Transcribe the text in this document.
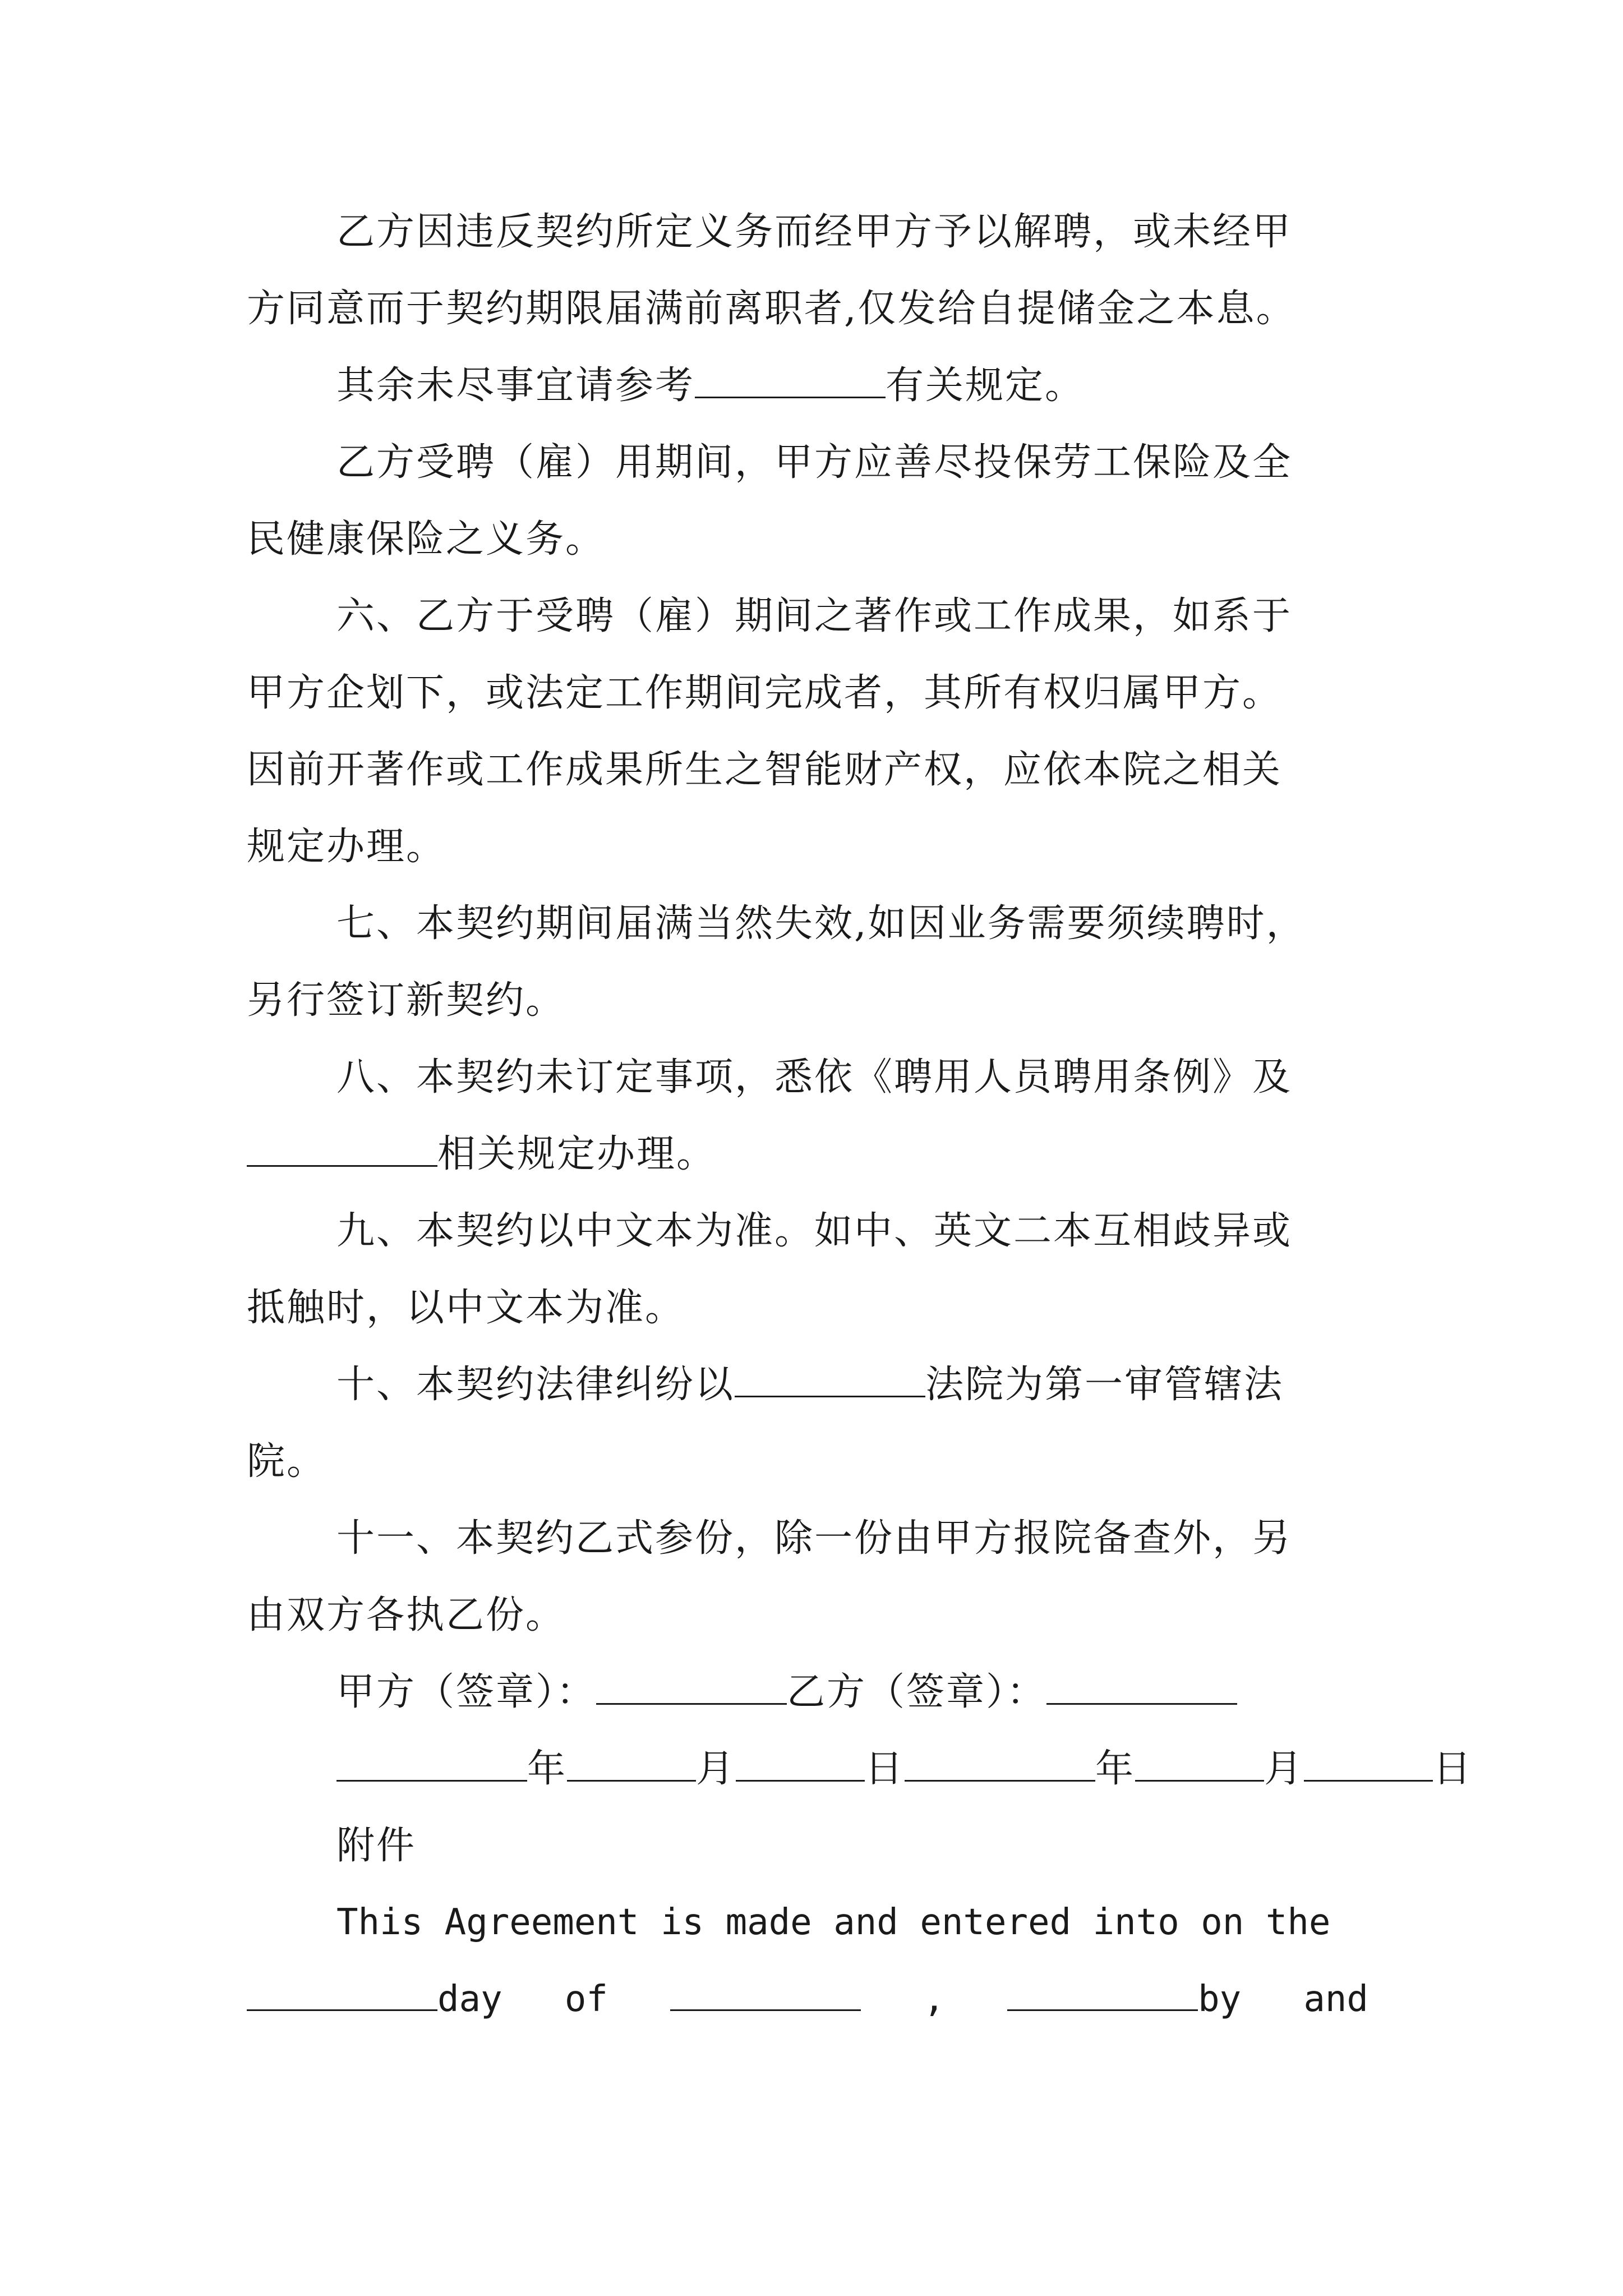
乙方因违反契约所定义务而经甲方予以解聘，或未经甲
方同意而于契约期限届满前离职者,仅发给自提储金之本息。
其余未尽事宜请参考	有关规定。
乙方受聘（雇）用期间，甲方应善尽投保劳工保险及全
民健康保险之义务。
六、乙方于受聘（雇）期间之著作或工作成果，如系于
甲方企划下，或法定工作期间完成者，其所有权归属甲方。
因前开著作或工作成果所生之智能财产权，应依本院之相关
规定办理。
七、本契约期间届满当然失效,如因业务需要须续聘时，
另行签订新契约。
八、本契约未订定事项，悉依《聘用人员聘用条例》及
相关规定办理。
九、本契约以中文本为准。如中、英文二本互相歧异或
抵触时，以中文本为准。
十、本契约法律纠纷以	法院为第一审管辖法
院。
十一、本契约乙式参份，除一份由甲方报院备查外，另
由双方各执乙份。
甲方（签章）：	乙方（签章）：
年	月	日	年	月	日
附件
This Agreement is made and entered into on the
day of	,	by and
